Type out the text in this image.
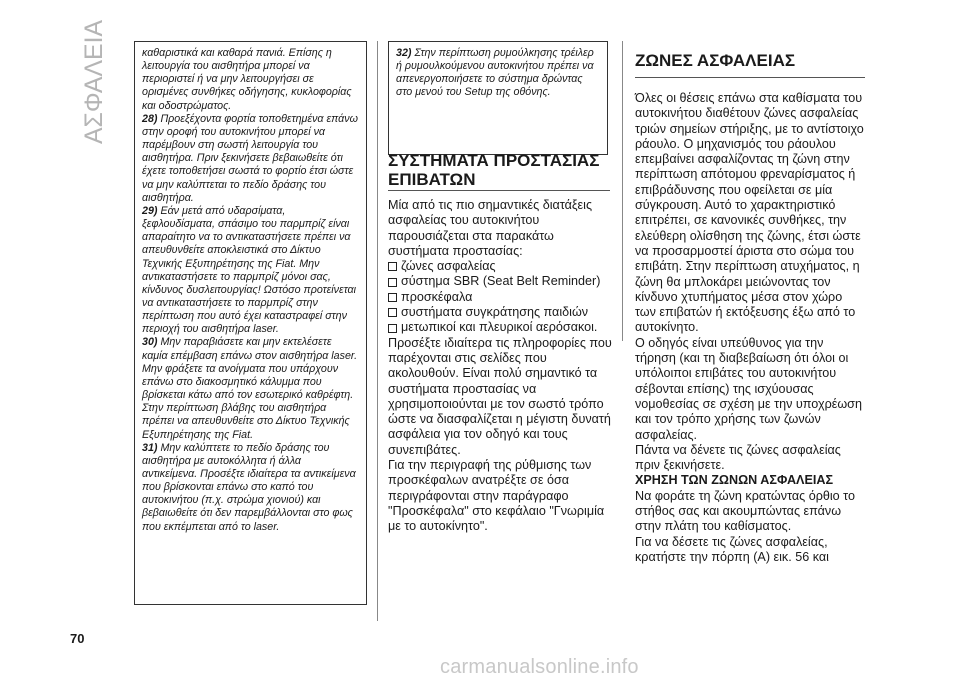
ΑΣΦΑΛΕΙΑ	καθαριστικά και καθαρά πανιά. Επίσης η λειτουργία του αισθητήρα μπορεί να περιοριστεί ή να μην λειτουργήσει σε ορισμένες συνθήκες οδήγησης, κυκλοφορίας και οδοστρώματος.

28) Προεξέχοντα φορτία τοποθετημένα επάνω στην οροφή του αυτοκινήτου μπορεί να παρέμβουν στη σωστή λειτουργία του αισθητήρα. Πριν ξεκινήσετε βεβαιωθείτε ότι έχετε τοποθετήσει σωστά το φορτίο έτσι ώστε να μην καλύπτεται το πεδίο δράσης του αισθητήρα.

29) Εάν μετά από υδαρσίματα, ξεφλουδίσματα, σπάσιμο του παρμπρίζ είναι απαραίτητο να το αντικαταστήσετε πρέπει να απευθυνθείτε αποκλειστικά στο Δίκτυο Τεχνικής Εξυπηρέτησης της Fiat. Μην αντικαταστήσετε το παρμπρίζ μόνοι σας, κίνδυνος δυσλειτουργίας! Ωστόσο προτείνεται να αντικαταστήσετε το παρμπρίζ στην περίπτωση που αυτό έχει καταστραφεί στην περιοχή του αισθητήρα laser.

30) Μην παραβιάσετε και μην εκτελέσετε καμία επέμβαση επάνω στον αισθητήρα laser. Μην φράξετε τα ανοίγματα που υπάρχουν επάνω στο διακοσμητικό κάλυμμα που βρίσκεται κάτω από τον εσωτερικό καθρέφτη. Στην περίπτωση βλάβης του αισθητήρα πρέπει να απευθυνθείτε στο Δίκτυο Τεχνικής Εξυπηρέτησης της Fiat.

31) Μην καλύπτετε το πεδίο δράσης του αισθητήρα με αυτοκόλλητα ή άλλα αντικείμενα. Προσέξτε ιδιαίτερα τα αντικείμενα που βρίσκονται επάνω στο καπό του αυτοκινήτου (π.χ. στρώμα χιονιού) και βεβαιωθείτε ότι δεν παρεμβάλλονται στο φως που εκπέμπεται από το laser.

32) Στην περίπτωση ρυμούλκησης τρέιλερ ή ρυμουλκούμενου αυτοκινήτου πρέπει να απενεργοποιήσετε το σύστημα δρώντας στο μενού του Setup της οθόνης.

ΣΥΣΤΗΜΑΤΑ ΠΡΟΣΤΑΣΙΑΣ ΕΠΙΒΑΤΩΝ

Μία από τις πιο σημαντικές διατάξεις ασφαλείας του αυτοκινήτου παρουσιάζεται στα παρακάτω συστήματα προστασίας:

ζώνες ασφαλείας
σύστημα SBR (Seat Belt Reminder)
προσκέφαλα
συστήματα συγκράτησης παιδιών
μετωπικοί και πλευρικοί αερόσακοι.

Προσέξτε ιδιαίτερα τις πληροφορίες που παρέχονται στις σελίδες που ακολουθούν. Είναι πολύ σημαντικό τα συστήματα προστασίας να χρησιμοποιούνται με τον σωστό τρόπο ώστε να διασφαλίζεται η μέγιστη δυνατή ασφάλεια για τον οδηγό και τους συνεπιβάτες.

Για την περιγραφή της ρύθμισης των προσκέφαλων ανατρέξτε σε όσα περιγράφονται στην παράγραφο "Προσκέφαλα" στο κεφάλαιο "Γνωριμία με το αυτοκίνητο".

ΖΩΝΕΣ ΑΣΦΑΛΕΙΑΣ

Όλες οι θέσεις επάνω στα καθίσματα του αυτοκινήτου διαθέτουν ζώνες ασφαλείας τριών σημείων στήριξης, με το αντίστοιχο ράουλο. Ο μηχανισμός του ράουλου επεμβαίνει ασφαλίζοντας τη ζώνη στην περίπτωση απότομου φρεναρίσματος ή επιβράδυνσης που οφείλεται σε μία σύγκρουση. Αυτό το χαρακτηριστικό επιτρέπει, σε κανονικές συνθήκες, την ελεύθερη ολίσθηση της ζώνης, έτσι ώστε να προσαρμοστεί άριστα στο σώμα του επιβάτη. Στην περίπτωση ατυχήματος, η ζώνη θα μπλοκάρει μειώνοντας τον κίνδυνο χτυπήματος μέσα στον χώρο των επιβατών ή εκτόξευσης έξω από το αυτοκίνητο.

Ο οδηγός είναι υπεύθυνος για την τήρηση (και τη διαβεβαίωση ότι όλοι οι υπόλοιποι επιβάτες του αυτοκινήτου σέβονται επίσης) της ισχύουσας νομοθεσίας σε σχέση με την υποχρέωση και τον τρόπο χρήσης των ζωνών ασφαλείας.

Πάντα να δένετε τις ζώνες ασφαλείας πριν ξεκινήσετε.

ΧΡΗΣΗ ΤΩΝ ΖΩΝΩΝ ΑΣΦΑΛΕΙΑΣ

Να φοράτε τη ζώνη κρατώντας όρθιο το στήθος σας και ακουμπώντας επάνω στην πλάτη του καθίσματος.

Για να δέσετε τις ζώνες ασφαλείας, κρατήστε την πόρπη (A) εικ. 56 και

70
carmanualsonline.info
